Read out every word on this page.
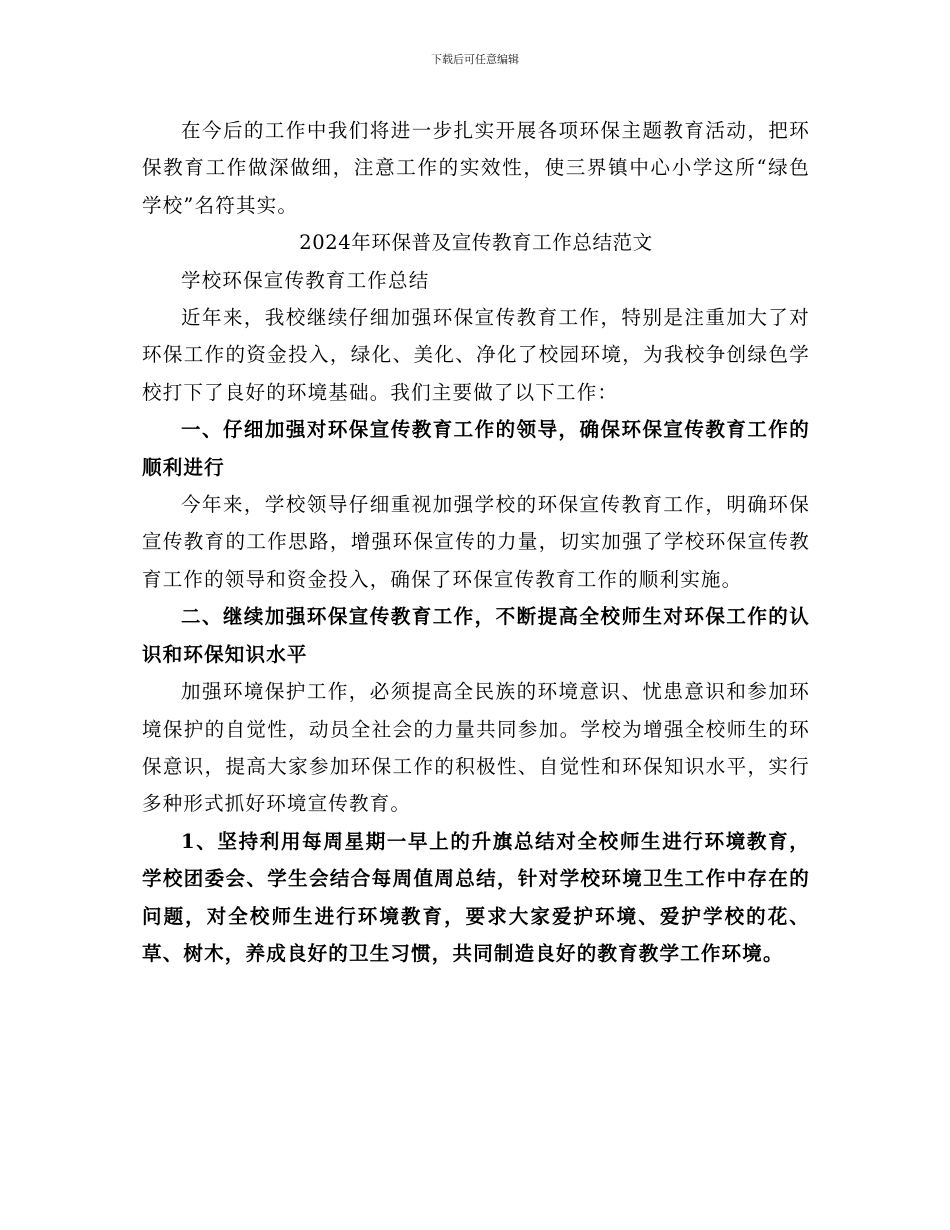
下载后可任意编辑

在今后的工作中我们将进一步扎实开展各项环保主题教育活动，把环保教育工作做深做细，注意工作的实效性，使三界镇中心小学这所“绿色学校”名符其实。

2024年环保普及宣传教育工作总结范文

学校环保宣传教育工作总结

近年来，我校继续仔细加强环保宣传教育工作，特别是注重加大了对环保工作的资金投入，绿化、美化、净化了校园环境，为我校争创绿色学校打下了良好的环境基础。我们主要做了以下工作：

一、仔细加强对环保宣传教育工作的领导，确保环保宣传教育工作的顺利进行

今年来，学校领导仔细重视加强学校的环保宣传教育工作，明确环保宣传教育的工作思路，增强环保宣传的力量，切实加强了学校环保宣传教育工作的领导和资金投入，确保了环保宣传教育工作的顺利实施。

二、继续加强环保宣传教育工作，不断提高全校师生对环保工作的认识和环保知识水平

加强环境保护工作，必须提高全民族的环境意识、忧患意识和参加环境保护的自觉性，动员全社会的力量共同参加。学校为增强全校师生的环保意识，提高大家参加环保工作的积极性、自觉性和环保知识水平，实行多种形式抓好环境宣传教育。

1、坚持利用每周星期一早上的升旗总结对全校师生进行环境教育，学校团委会、学生会结合每周值周总结，针对学校环境卫生工作中存在的问题，对全校师生进行环境教育，要求大家爱护环境、爱护学校的花、草、树木，养成良好的卫生习惯，共同制造良好的教育教学工作环境。
